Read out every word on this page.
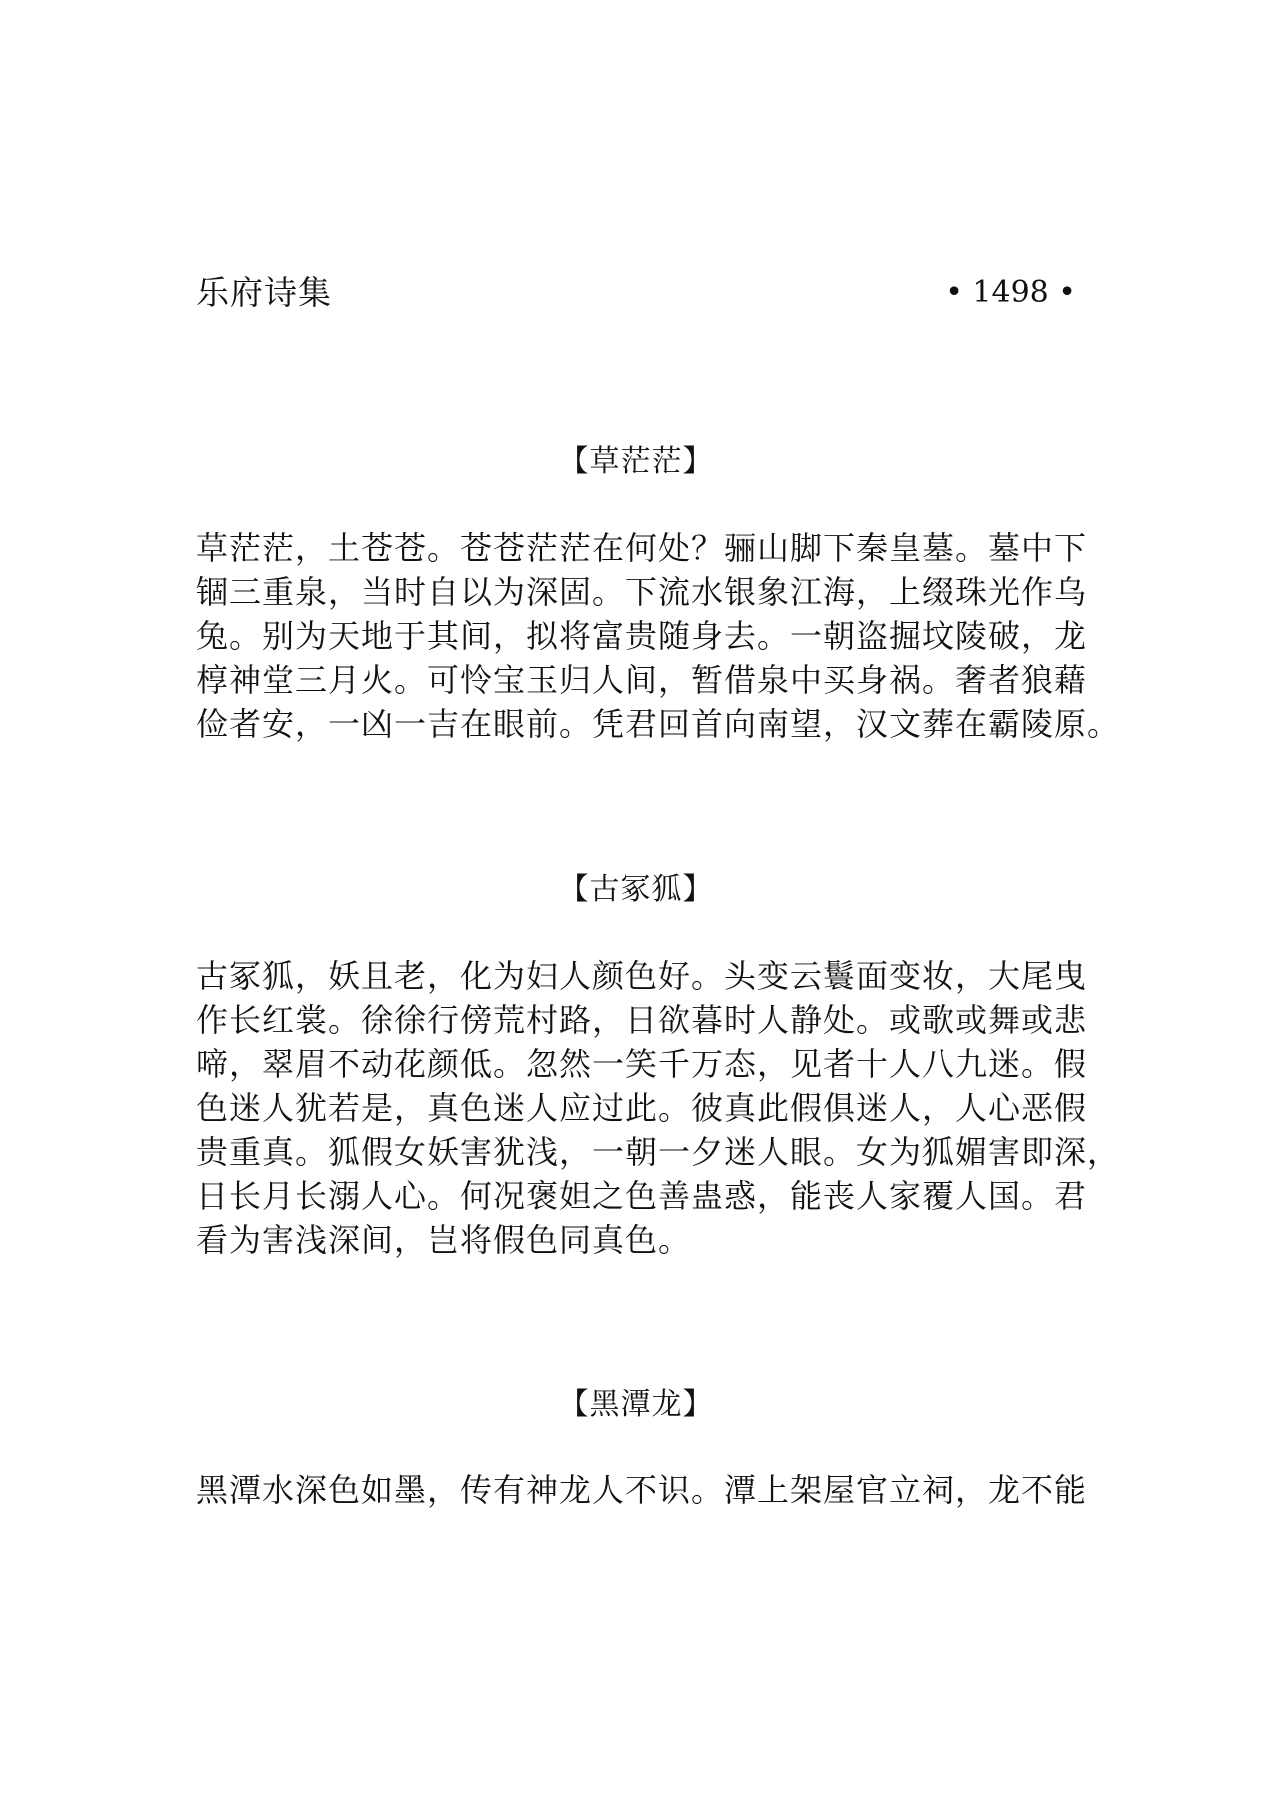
乐府诗集	• 1498 •
【草茫茫】
草茫茫，土苍苍。苍苍茫茫在何处？骊山脚下秦皇墓。墓中下
锢三重泉，当时自以为深固。下流水银象江海，上缀珠光作乌
兔。别为天地于其间，拟将富贵随身去。一朝盗掘坟陵破，龙
椁神堂三月火。可怜宝玉归人间，暂借泉中买身祸。奢者狼藉
俭者安，一凶一吉在眼前。凭君回首向南望，汉文葬在霸陵原。
【古冢狐】
古冢狐，妖且老，化为妇人颜色好。头变云鬟面变妆，大尾曳
作长红裳。徐徐行傍荒村路，日欲暮时人静处。或歌或舞或悲
啼，翠眉不动花颜低。忽然一笑千万态，见者十人八九迷。假
色迷人犹若是，真色迷人应过此。彼真此假俱迷人，人心恶假
贵重真。狐假女妖害犹浅，一朝一夕迷人眼。女为狐媚害即深，
日长月长溺人心。何况褒妲之色善蛊惑，能丧人家覆人国。君
看为害浅深间，岂将假色同真色。
【黑潭龙】
黑潭水深色如墨，传有神龙人不识。潭上架屋官立祠，龙不能
